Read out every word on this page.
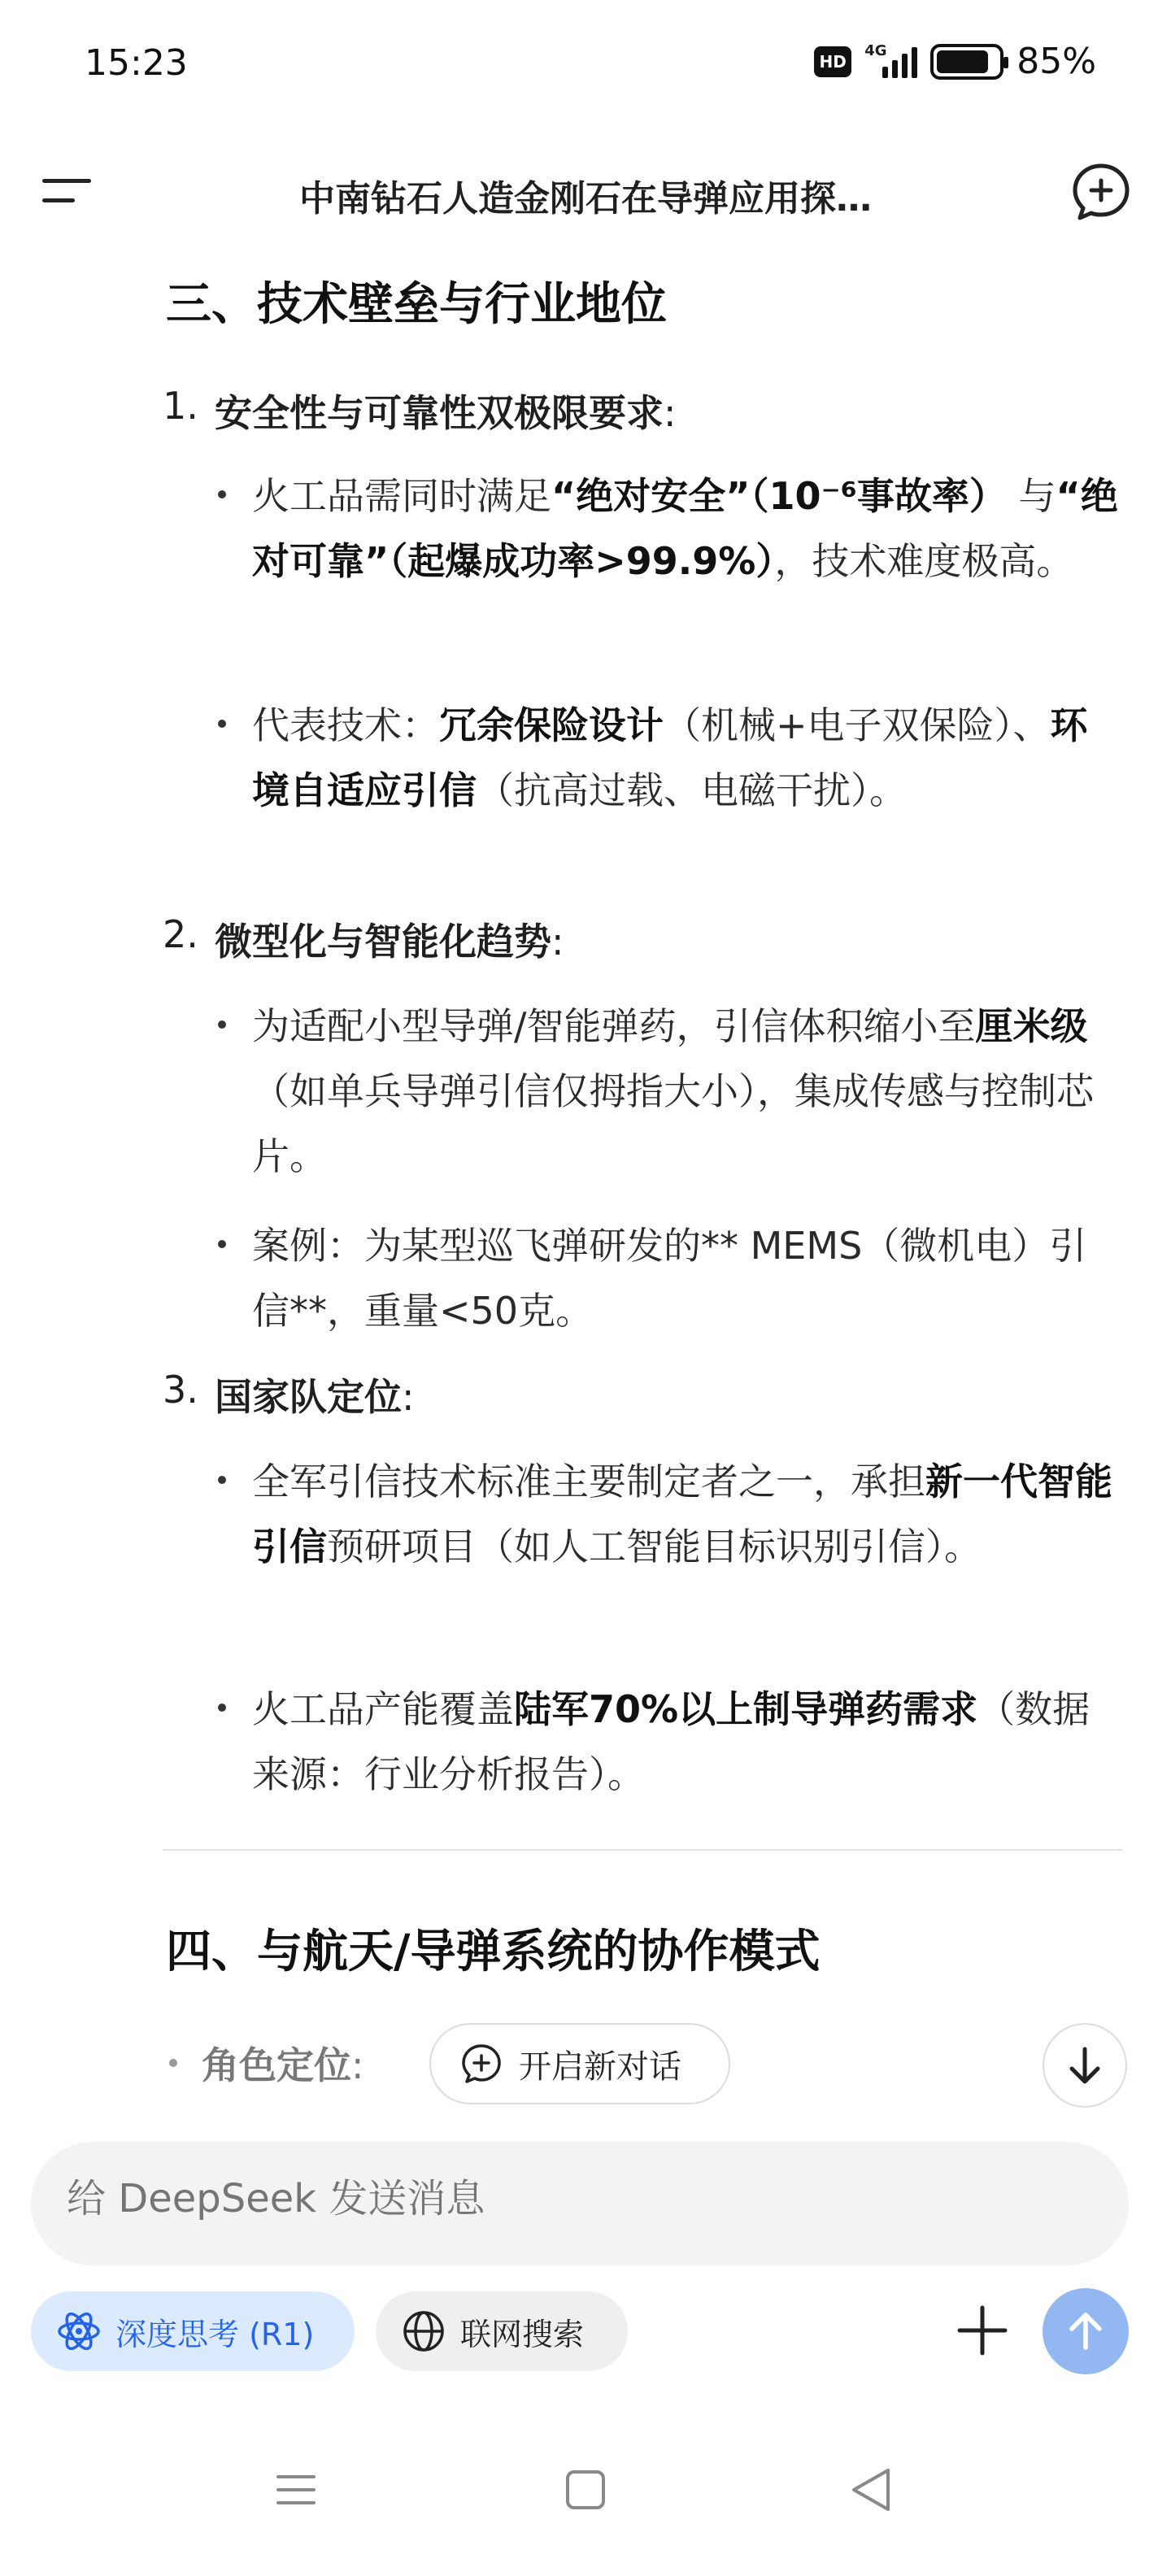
15:23	HD
4G	85%
中南钻石人造金刚石在导弹应用探…
三、技术壁垒与行业地位
1. 安全性与可靠性双极限要求:
火工品需同时满足“绝对安全”（10⁻⁶事故率） 与“绝对可靠”（起爆成功率>99.9%），技术难度极高。
代表技术：冗余保险设计（机械+电子双保险）、环境自适应引信（抗高过载、电磁干扰）。
2. 微型化与智能化趋势:
为适配小型导弹/智能弹药，引信体积缩小至厘米级（如单兵导弹引信仅拇指大小），集成传感与控制芯片。
案例：为某型巡飞弹研发的** MEMS（微机电）引信**，重量<50克。
3. 国家队定位:
全军引信技术标准主要制定者之一，承担新一代智能引信预研项目（如人工智能目标识别引信）。
火工品产能覆盖陆军70%以上制导弹药需求（数据来源：行业分析报告）。
四、与航天/导弹系统的协作模式
角色定位:	开启新对话
给 DeepSeek 发送消息
深度思考 (R1)	联网搜索
